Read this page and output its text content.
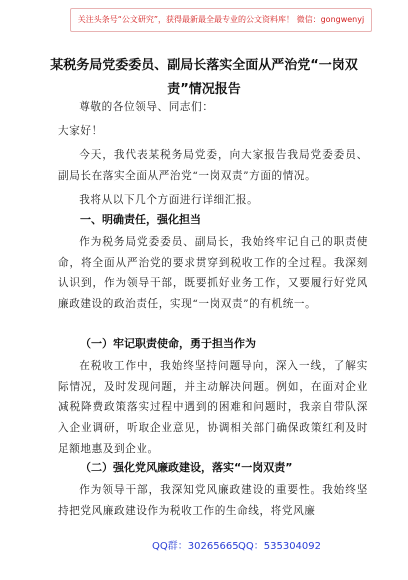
关注头条号“公文研究”，获得最新最全最专业的公文资料库！ 微信：gongwenyj
某税务局党委委员、副局长落实全面从严治党“一岗双
责”情况报告
尊敬的各位领导、同志们：
大家好！
今天，我代表某税务局党委，向大家报告我局党委委员、副局长在落实全面从严治党“一岗双责”方面的情况。
我将从以下几个方面进行详细汇报。
一、明确责任，强化担当
作为税务局党委委员、副局长，我始终牢记自己的职责使命，将全面从严治党的要求贯穿到税收工作的全过程。我深刻认识到，作为领导干部，既要抓好业务工作，又要履行好党风廉政建设的政治责任，实现“一岗双责”的有机统一。
（一）牢记职责使命，勇于担当作为
在税收工作中，我始终坚持问题导向，深入一线，了解实际情况，及时发现问题，并主动解决问题。例如，在面对企业减税降费政策落实过程中遇到的困难和问题时，我亲自带队深入企业调研，听取企业意见，协调相关部门确保政策红利及时足额地惠及到企业。
（二）强化党风廉政建设，落实“一岗双责”
作为领导干部，我深知党风廉政建设的重要性。我始终坚持把党风廉政建设作为税收工作的生命线，将党风廉
QQ群：30265665 QQ：535304092
